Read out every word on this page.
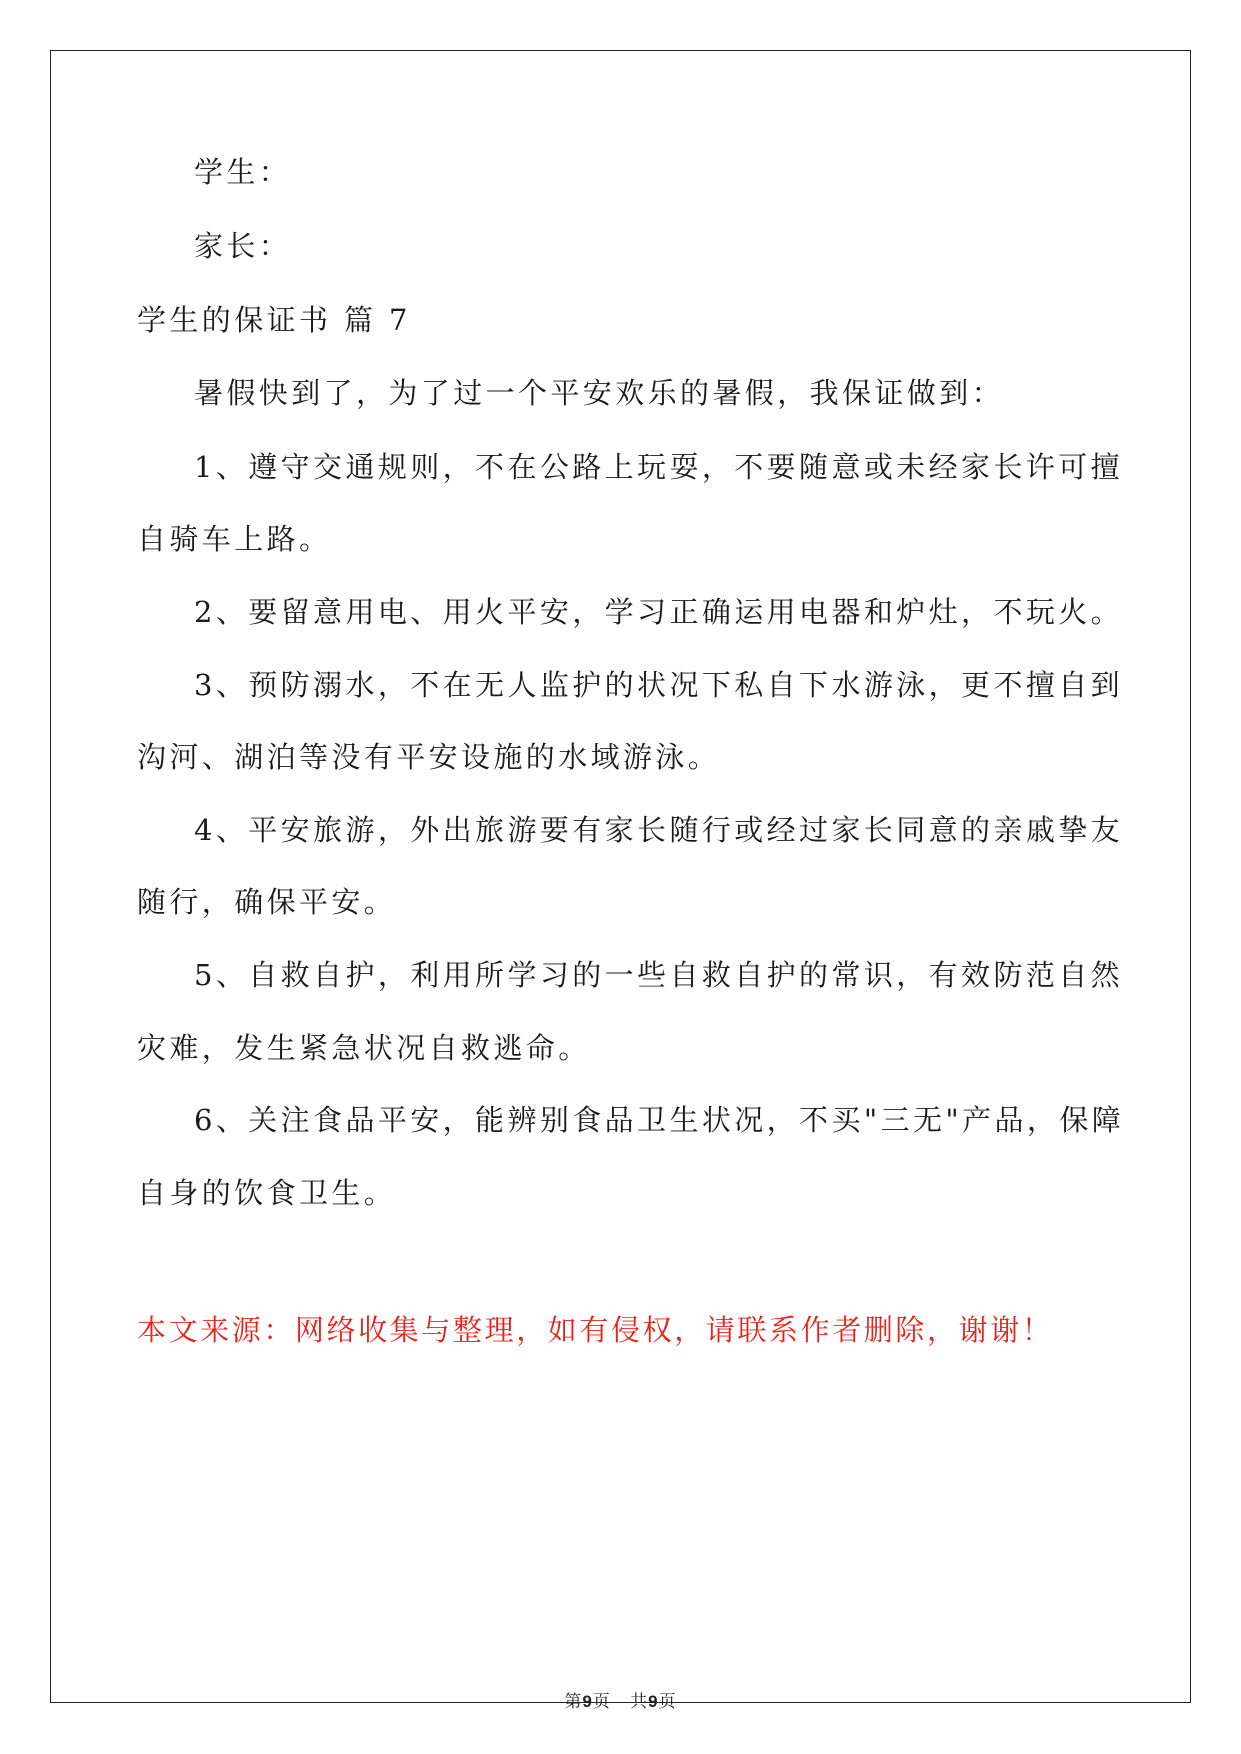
学生：
家长：
学生的保证书 篇 7
暑假快到了，为了过一个平安欢乐的暑假，我保证做到：
1、遵守交通规则，不在公路上玩耍，不要随意或未经家长许可擅
自骑车上路。
2、要留意用电、用火平安，学习正确运用电器和炉灶，不玩火。
3、预防溺水，不在无人监护的状况下私自下水游泳，更不擅自到
沟河、湖泊等没有平安设施的水域游泳。
4、平安旅游，外出旅游要有家长随行或经过家长同意的亲戚挚友
随行，确保平安。
5、自救自护，利用所学习的一些自救自护的常识，有效防范自然
灾难，发生紧急状况自救逃命。
6、关注食品平安，能辨别食品卫生状况，不买"三无"产品，保障
自身的饮食卫生。
本文来源：网络收集与整理，如有侵权，请联系作者删除，谢谢！
第9页 共9页
